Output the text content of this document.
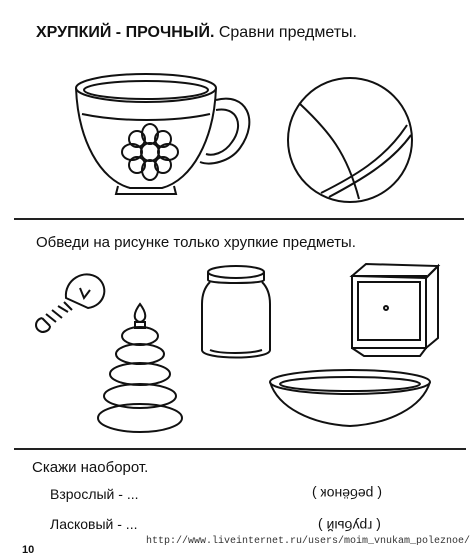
ХРУПКИЙ - ПРОЧНЫЙ. Сравни предметы.
Обведи на рисунке только хрупкие предметы.
Скажи наоборот.
Взрослый - ...	( ребёнок )
Ласковый - ...	( грубый )
10
http://www.liveinternet.ru/users/moim_vnukam_poleznoe/
